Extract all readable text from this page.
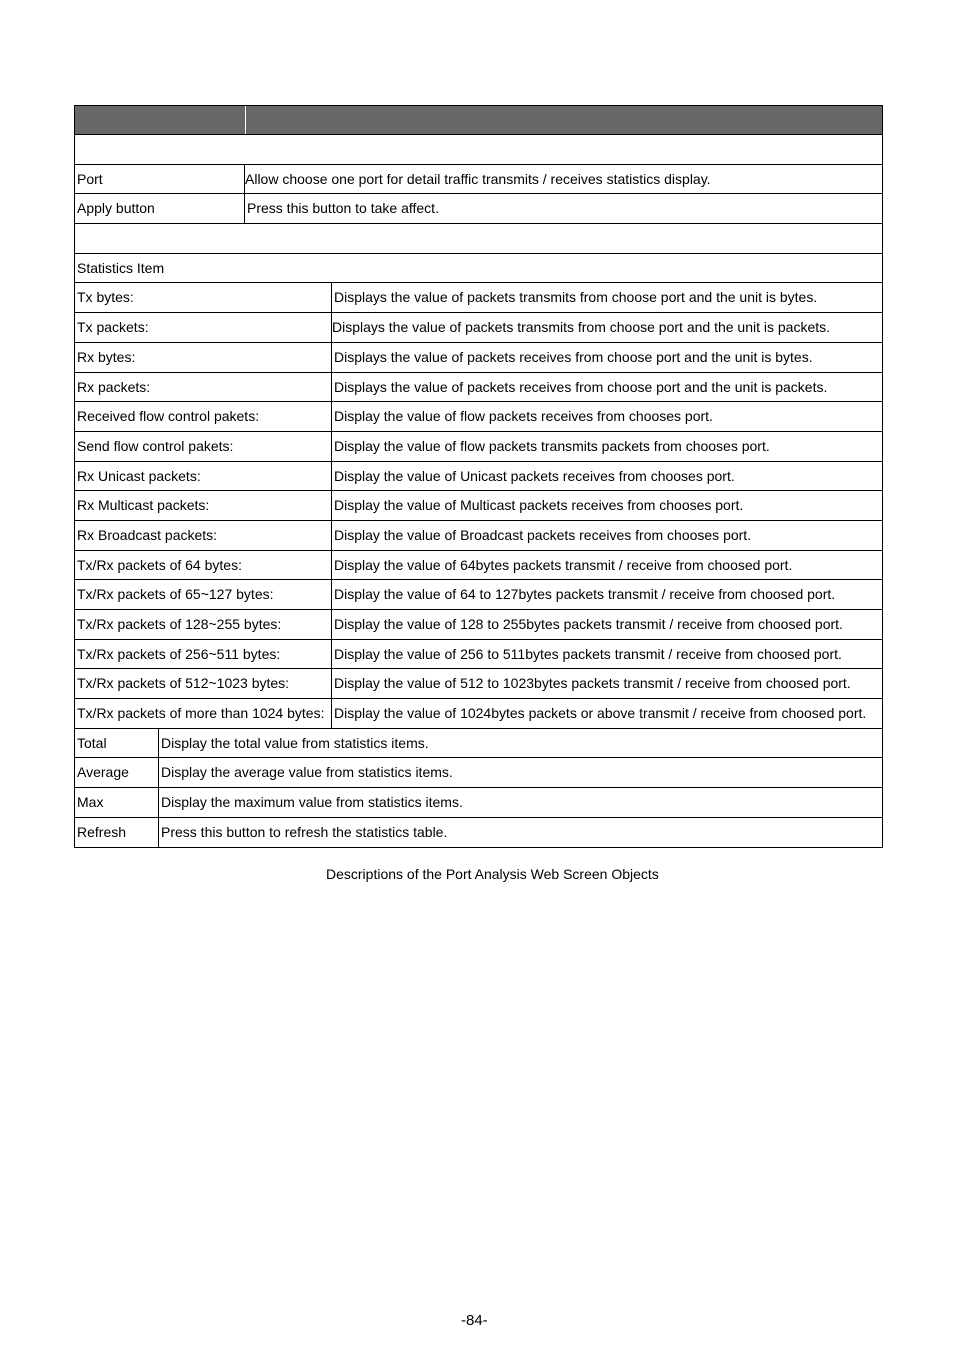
Port	Allow choose one port for detail traffic transmits / receives statistics display.
Apply button	Press this button to take affect.
Statistics Item
Tx bytes:	Displays the value of packets transmits from choose port and the unit is bytes.
Tx packets:	Displays the value of packets transmits from choose port and the unit is packets.
Rx bytes:	Displays the value of packets receives from choose port and the unit is bytes.
Rx packets:	Displays the value of packets receives from choose port and the unit is packets.
Received flow control pakets:	Display the value of flow packets receives from chooses port.
Send flow control pakets:	Display the value of flow packets transmits packets from chooses port.
Rx Unicast packets:	Display the value of Unicast packets receives from chooses port.
Rx Multicast packets:	Display the value of Multicast packets receives from chooses port.
Rx Broadcast packets:	Display the value of Broadcast packets receives from chooses port.
Tx/Rx packets of 64 bytes:	Display the value of 64bytes packets transmit / receive from choosed port.
Tx/Rx packets of 65~127 bytes:	Display the value of 64 to 127bytes packets transmit / receive from choosed port.
Tx/Rx packets of 128~255 bytes:	Display the value of 128 to 255bytes packets transmit / receive from choosed port.
Tx/Rx packets of 256~511 bytes:	Display the value of 256 to 511bytes packets transmit / receive from choosed port.
Tx/Rx packets of 512~1023 bytes:	Display the value of 512 to 1023bytes packets transmit / receive from choosed port.
Tx/Rx packets of more than 1024 bytes: Display the value of 1024bytes packets or above transmit / receive from choosed port.
Total	Display the total value from statistics items.
Average	Display the average value from statistics items.
Max	Display the maximum value from statistics items.
Refresh	Press this button to refresh the statistics table.
Descriptions of the Port Analysis Web Screen Objects
-84-
